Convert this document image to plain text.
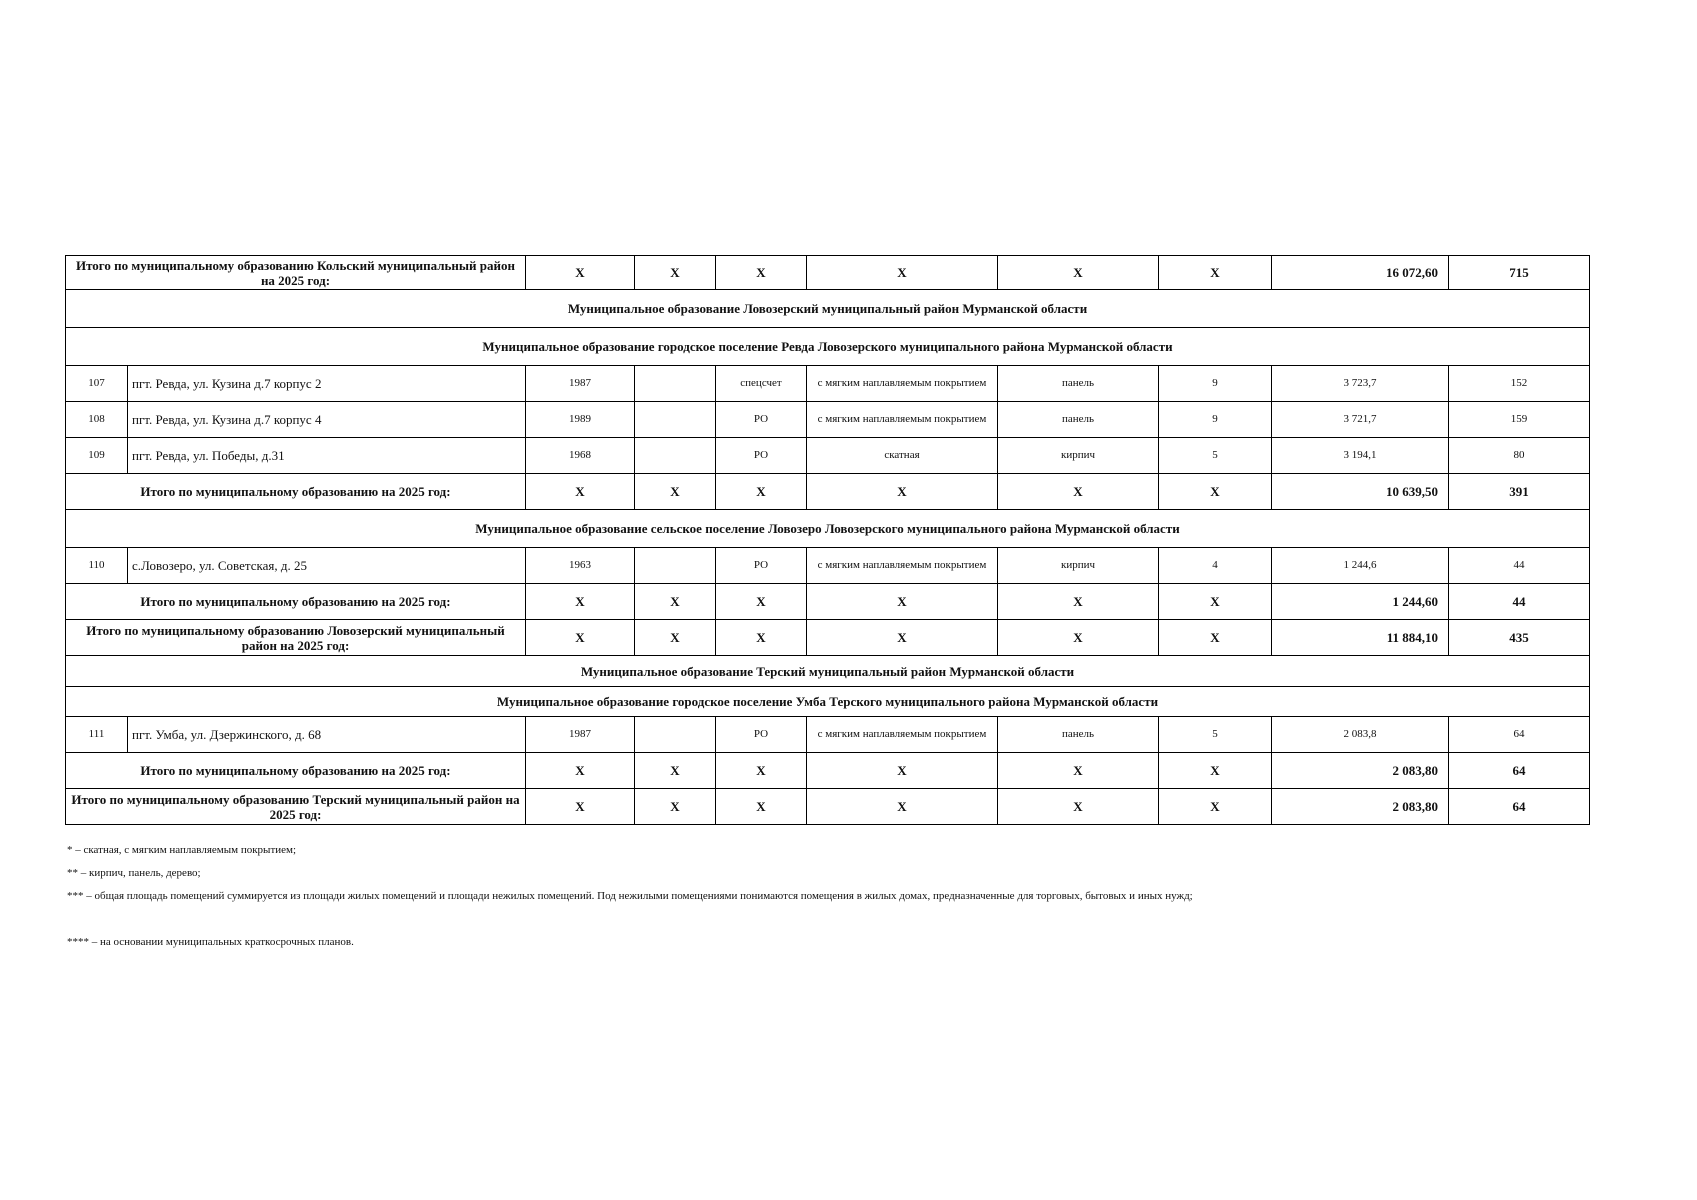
Итого по муниципальному образованию Кольский муниципальный район на 2025 год:		X	X	X	X	X	X	16 072,60	715
Муниципальное образование Ловозерский муниципальный район Мурманской области									
Муниципальное образование городское поселение Ревда Ловозерского муниципального района Мурманской области									
107	пгт. Ревда, ул. Кузина д.7 корпус 2	1987		спецсчет	с мягким наплавляемым покрытием	панель	9	3 723,7	152
108	пгт. Ревда, ул. Кузина д.7 корпус 4	1989		РО	с мягким наплавляемым покрытием	панель	9	3 721,7	159
109	пгт. Ревда, ул. Победы, д.31	1968		РО	скатная	кирпич	5	3 194,1	80
Итого по муниципальному образованию на 2025 год:		X	X	X	X	X	X	10 639,50	391
Муниципальное образование сельское поселение Ловозеро Ловозерского муниципального района Мурманской области									
110	с.Ловозеро, ул. Советская, д. 25	1963		РО	с мягким наплавляемым покрытием	кирпич	4	1 244,6	44
Итого по муниципальному образованию на 2025 год:		X	X	X	X	X	X	1 244,60	44
Итого по муниципальному образованию Ловозерский муниципальный район на 2025 год:		X	X	X	X	X	X	11 884,10	435
Муниципальное образование Терский муниципальный район Мурманской области									
Муниципальное образование городское поселение Умба Терского муниципального района Мурманской области									
111	пгт. Умба, ул. Дзержинского, д. 68	1987		РО	с мягким наплавляемым покрытием	панель	5	2 083,8	64
Итого по муниципальному образованию на 2025 год:		X	X	X	X	X	X	2 083,80	64
Итого по муниципальному образованию Терский муниципальный район на 2025 год:		X	X	X	X	X	X	2 083,80	64
* – скатная, с мягким наплавляемым покрытием;
** – кирпич, панель, дерево;
*** – общая площадь помещений суммируется из площади жилых помещений и площади нежилых помещений. Под нежилыми помещениями понимаются помещения в жилых домах, предназначенные для торговых, бытовых и иных нужд;
**** – на основании муниципальных краткосрочных планов.
